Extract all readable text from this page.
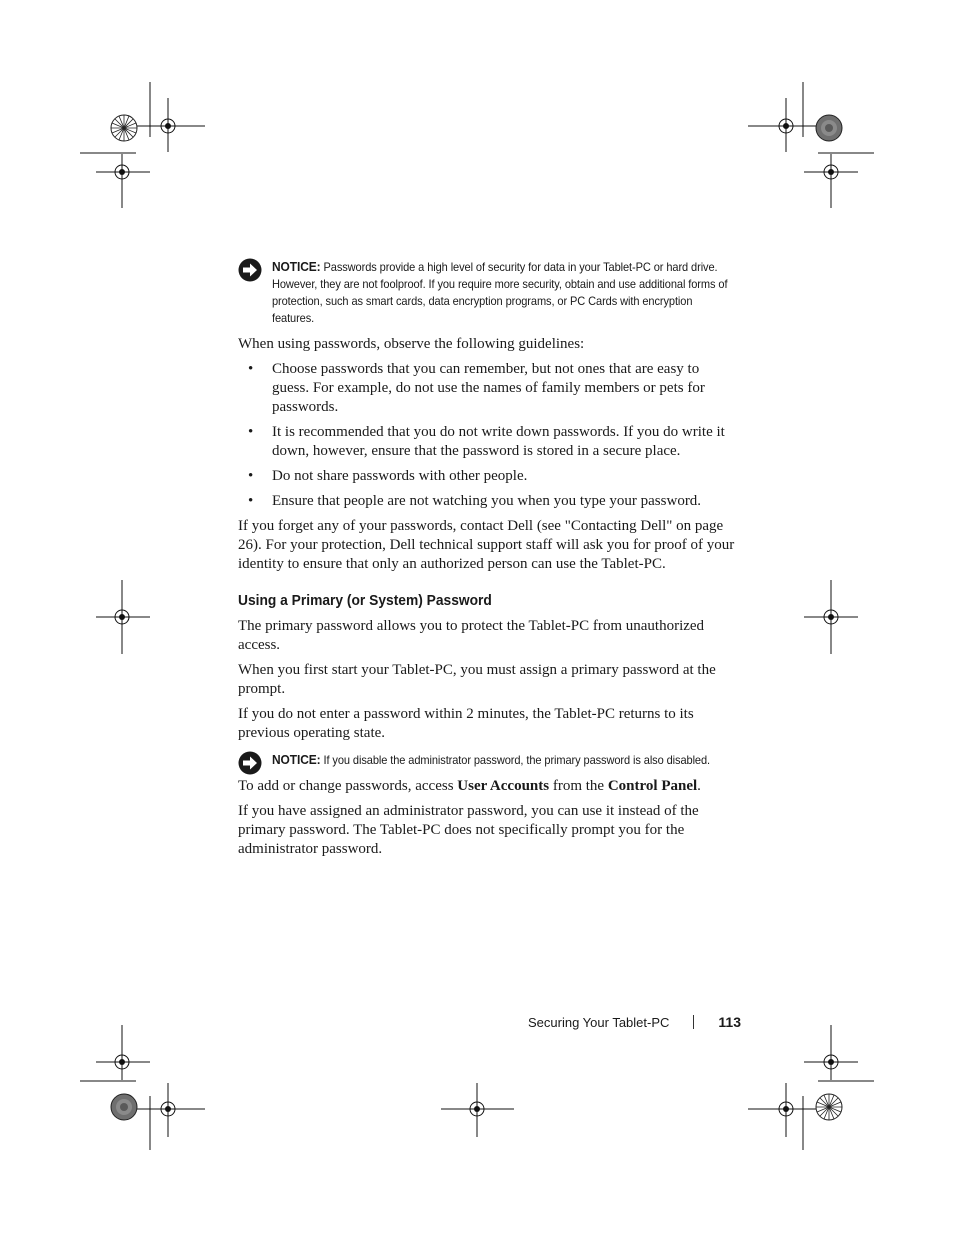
NOTICE: Passwords provide a high level of security for data in your Tablet-PC or hard drive. However, they are not foolproof. If you require more security, obtain and use additional forms of protection, such as smart cards, data encryption programs, or PC Cards with encryption features.

When using passwords, observe the following guidelines:

• Choose passwords that you can remember, but not ones that are easy to guess. For example, do not use the names of family members or pets for passwords.
• It is recommended that you do not write down passwords. If you do write it down, however, ensure that the password is stored in a secure place.
• Do not share passwords with other people.
• Ensure that people are not watching you when you type your password.

If you forget any of your passwords, contact Dell (see "Contacting Dell" on page 26). For your protection, Dell technical support staff will ask you for proof of your identity to ensure that only an authorized person can use the Tablet-PC.

Using a Primary (or System) Password

The primary password allows you to protect the Tablet-PC from unauthorized access.

When you first start your Tablet-PC, you must assign a primary password at the prompt.

If you do not enter a password within 2 minutes, the Tablet-PC returns to its previous operating state.

NOTICE: If you disable the administrator password, the primary password is also disabled.

To add or change passwords, access User Accounts from the Control Panel.

If you have assigned an administrator password, you can use it instead of the primary password. The Tablet-PC does not specifically prompt you for the administrator password.

Securing Your Tablet-PC	113
